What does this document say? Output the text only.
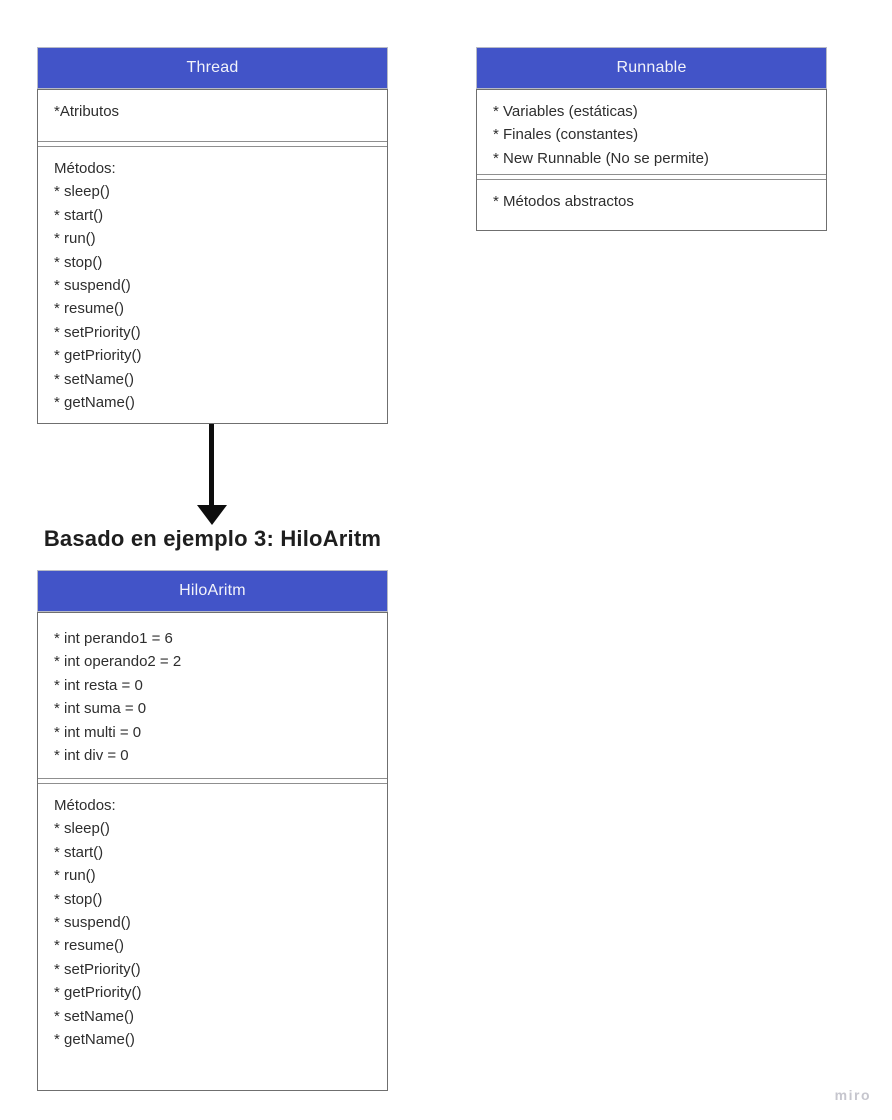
Thread
*Atributos
Métodos:
* sleep()
* start()
* run()
* stop()
* suspend()
* resume()
* setPriority()
* getPriority()
* setName()
* getName()
Runnable
* Variables (estáticas)
* Finales (constantes)
* New Runnable (No se permite)
* Métodos abstractos
Basado en ejemplo 3: HiloAritm
HiloAritm
* int perando1 = 6
* int operando2 = 2
* int resta = 0
* int suma = 0
* int multi = 0
* int div = 0
Métodos:
* sleep()
* start()
* run()
* stop()
* suspend()
* resume()
* setPriority()
* getPriority()
* setName()
* getName()
miro
